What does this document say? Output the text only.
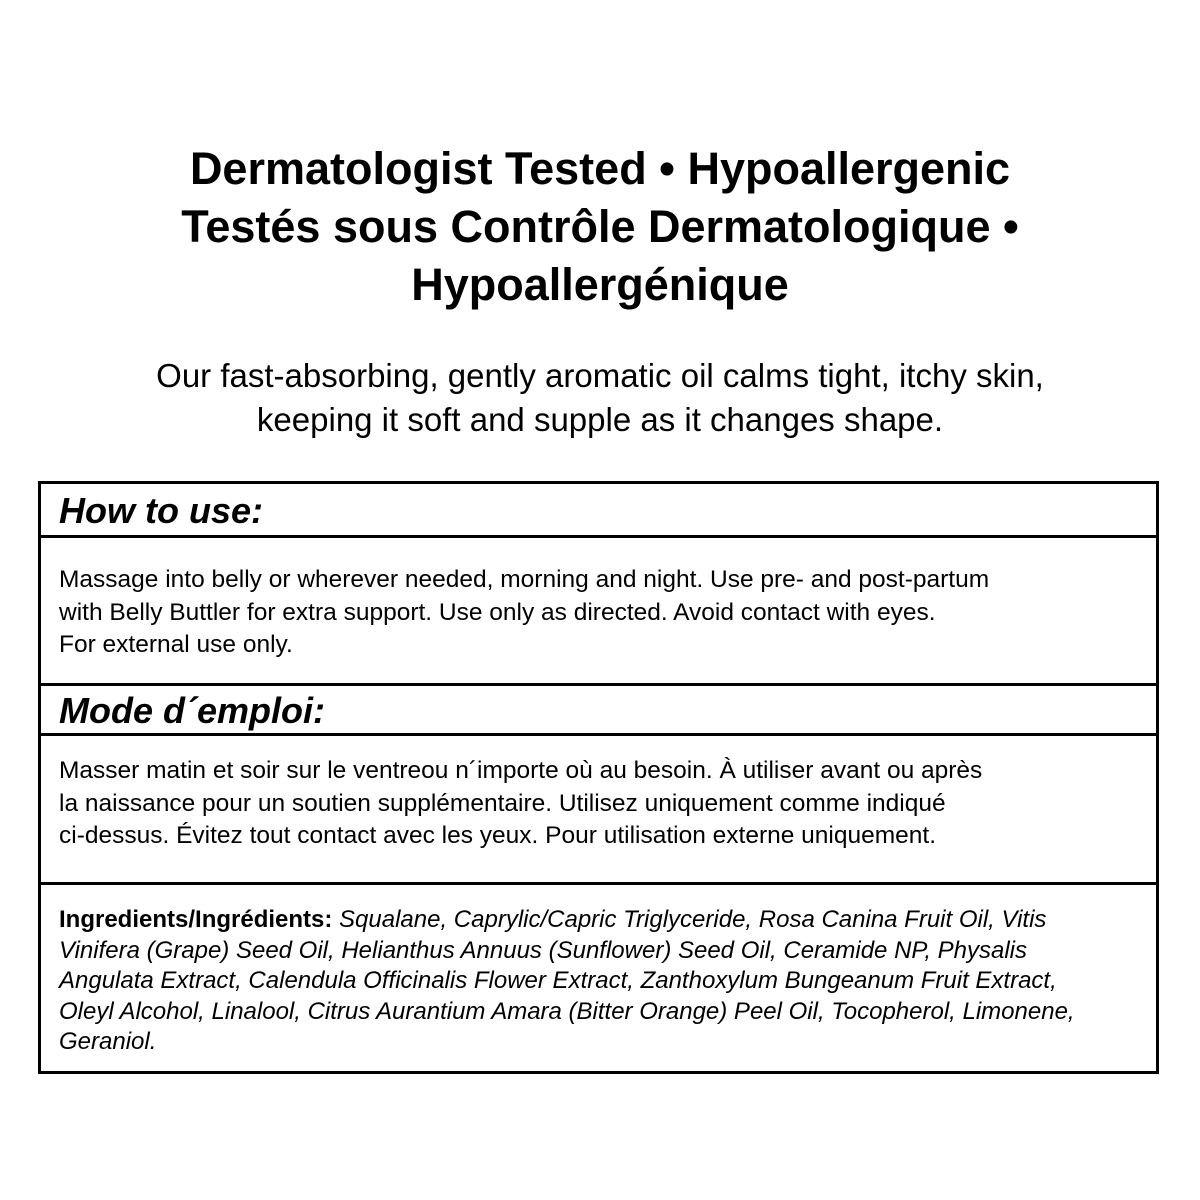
Dermatologist Tested • Hypoallergenic
Testés sous Contrôle Dermatologique •
Hypoallergénique
Our fast-absorbing, gently aromatic oil calms tight, itchy skin,
keeping it soft and supple as it changes shape.
How to use:
Massage into belly or wherever needed, morning and night. Use pre- and post-partum
with Belly Buttler for extra support. Use only as directed. Avoid contact with eyes.
For external use only.
Mode d´emploi:
Masser matin et soir sur le ventreou n´importe où au besoin. À utiliser avant ou après
la naissance pour un soutien supplémentaire. Utilisez uniquement comme indiqué
ci-dessus. Évitez tout contact avec les yeux. Pour utilisation externe uniquement.
Ingredients/Ingrédients: Squalane, Caprylic/Capric Triglyceride, Rosa Canina Fruit Oil, Vitis
Vinifera (Grape) Seed Oil, Helianthus Annuus (Sunflower) Seed Oil, Ceramide NP, Physalis
Angulata Extract, Calendula Officinalis Flower Extract, Zanthoxylum Bungeanum Fruit Extract,
Oleyl Alcohol, Linalool, Citrus Aurantium Amara (Bitter Orange) Peel Oil, Tocopherol, Limonene,
Geraniol.
